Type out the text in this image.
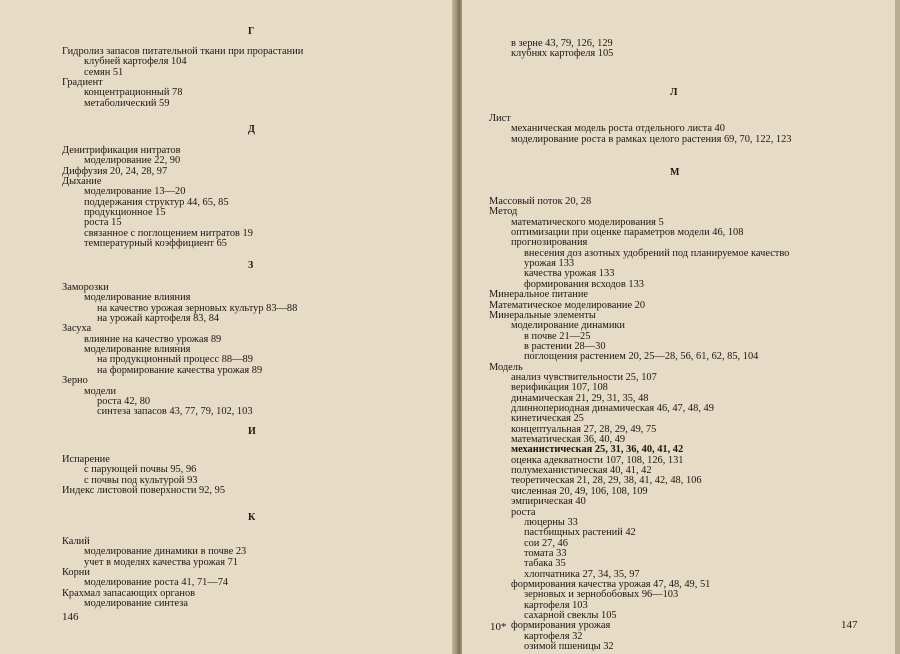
Г
Гидролиз запасов питательной ткани при прорастании
клубней картофеля 104
семян 51
Градиент
концентрационный 78
метаболический 59
Д
Денитрификация нитратов
моделирование 22, 90
Диффузия 20, 24, 28, 97
Дыхание
моделирование 13—20
поддержания структур 44, 65, 85
продукционное 15
роста 15
связанное с поглощением нитратов 19
температурный коэффициент 65
З
Заморозки
моделирование влияния
на качество урожая зерновых культур 83—88
на урожай картофеля 83, 84
Засуха
влияние на качество урожая 89
моделирование влияния
на продукционный процесс 88—89
на формирование качества урожая 89
Зерно
модели
роста 42, 80
синтеза запасов 43, 77, 79, 102, 103
И
Испарение
с парующей почвы 95, 96
с почвы под культурой 93
Индекс листовой поверхности 92, 95
К
Калий
моделирование динамики в почве 23
учет в моделях качества урожая 71
Корни
моделирование роста 41, 71—74
Крахмал запасающих органов
моделирование синтеза
146
в зерне 43, 79, 126, 129
клубнях картофеля 105
Л
Лист
механическая модель роста отдельного листа 40
моделирование роста в рамках целого растения 69, 70, 122, 123
М
Массовый поток 20, 28
Метод
математического моделирования 5
оптимизации при оценке параметров модели 46, 108
прогнозирования
внесения доз азотных удобрений под планируемое качество
урожая 133
качества урожая 133
формирования всходов 133
Минеральное питание
Математическое моделирование 20
Минеральные элементы
моделирование динамики
в почве 21—25
в растении 28—30
поглощения растением 20, 25—28, 56, 61, 62, 85, 104
Модель
анализ чувствительности 25, 107
верификация 107, 108
динамическая 21, 29, 31, 35, 48
длиннопериодная динамическая 46, 47, 48, 49
кинетическая 25
концептуальная 27, 28, 29, 49, 75
математическая 36, 40, 49
механистическая 25, 31, 36, 40, 41, 42
оценка адекватности 107, 108, 126, 131
полумеханистическая 40, 41, 42
теоретическая 21, 28, 29, 38, 41, 42, 48, 106
численная 20, 49, 106, 108, 109
эмпирическая 40
роста
люцерны 33
пастбищных растений 42
сои 27, 46
томата 33
табака 35
хлопчатника 27, 34, 35, 97
формирования качества урожая 47, 48, 49, 51
зерновых и зернобобовых 96—103
картофеля 103
сахарной свеклы 105
формирования урожая
картофеля 32
озимой пшеницы 32
10*	147
